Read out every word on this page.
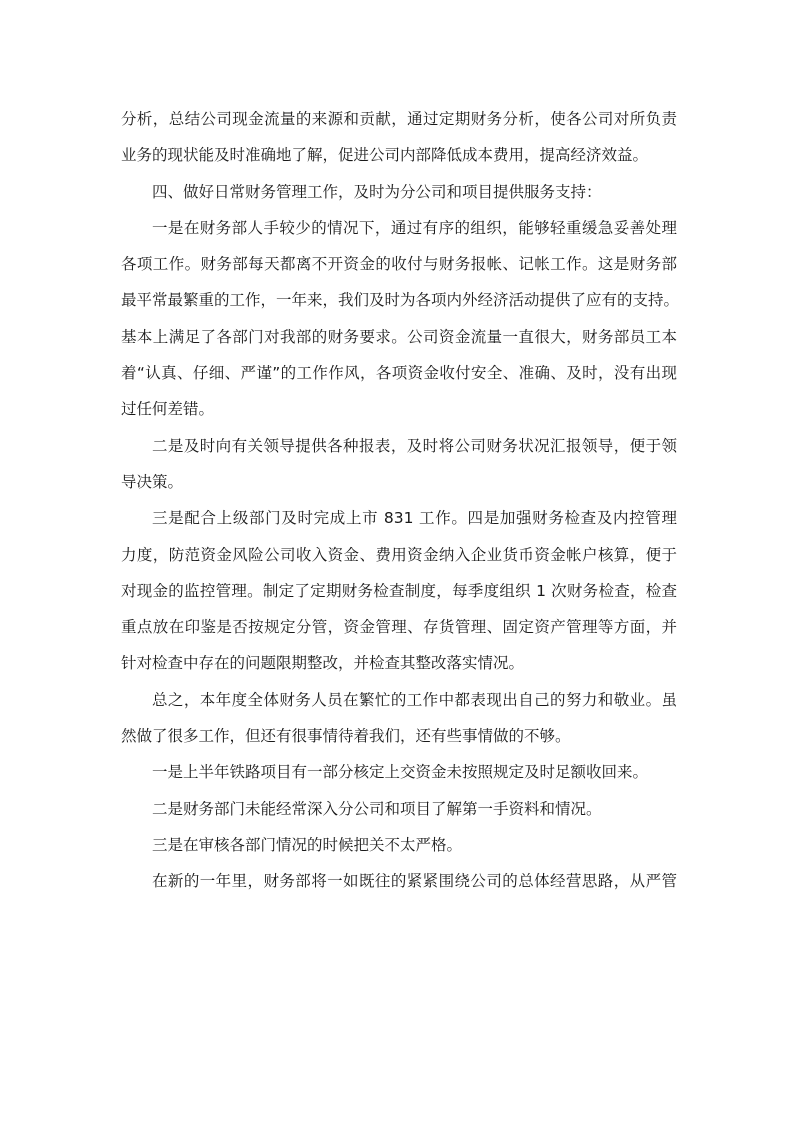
分析，总结公司现金流量的来源和贡献，通过定期财务分析，使各公司对所负责
业务的现状能及时准确地了解，促进公司内部降低成本费用，提高经济效益。
四、做好日常财务管理工作，及时为分公司和项目提供服务支持：
一是在财务部人手较少的情况下，通过有序的组织，能够轻重缓急妥善处理
各项工作。财务部每天都离不开资金的收付与财务报帐、记帐工作。这是财务部
最平常最繁重的工作，一年来，我们及时为各项内外经济活动提供了应有的支持。
基本上满足了各部门对我部的财务要求。公司资金流量一直很大，财务部员工本
着“认真、仔细、严谨”的工作作风，各项资金收付安全、准确、及时，没有出现
过任何差错。
二是及时向有关领导提供各种报表，及时将公司财务状况汇报领导，便于领
导决策。
三是配合上级部门及时完成上市 831 工作。四是加强财务检查及内控管理
力度，防范资金风险公司收入资金、费用资金纳入企业货币资金帐户核算，便于
对现金的监控管理。制定了定期财务检查制度，每季度组织 1 次财务检查，检查
重点放在印鉴是否按规定分管，资金管理、存货管理、固定资产管理等方面，并
针对检查中存在的问题限期整改，并检查其整改落实情况。
总之，本年度全体财务人员在繁忙的工作中都表现出自己的努力和敬业。虽
然做了很多工作，但还有很事情待着我们，还有些事情做的不够。
一是上半年铁路项目有一部分核定上交资金未按照规定及时足额收回来。
二是财务部门未能经常深入分公司和项目了解第一手资料和情况。
三是在审核各部门情况的时候把关不太严格。
在新的一年里，财务部将一如既往的紧紧围绕公司的总体经营思路，从严管
